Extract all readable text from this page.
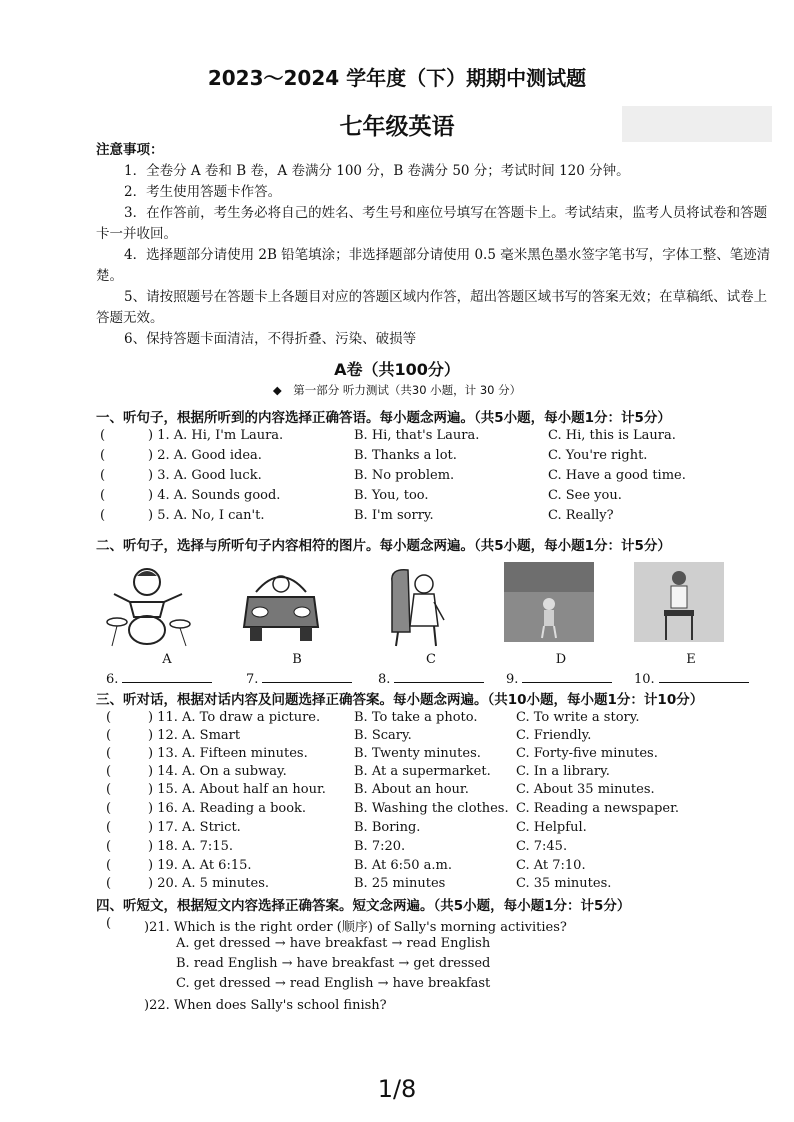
2023～2024 学年度（下）期期中测试题
七年级英语
注意事项：
1．全卷分 A 卷和 B 卷，A 卷满分 100 分，B 卷满分 50 分；考试时间 120 分钟。
2．考生使用答题卡作答。
3．在作答前，考生务必将自己的姓名、考生号和座位号填写在答题卡上。考试结束，监考人员将试卷和答题卡一并收回。
4．选择题部分请使用 2B 铅笔填涂；非选择题部分请使用 0.5 毫米黑色墨水签字笔书写，字体工整、笔迹清楚。
5、请按照题号在答题卡上各题目对应的答题区域内作答，超出答题区域书写的答案无效；在草稿纸、试卷上答题无效。
6、保持答题卡面清洁，不得折叠、污染、破损等
A卷（共100分）
◆　第一部分 听力测试（共30 小题，计 30 分）
一、听句子，根据所听到的内容选择正确答语。每小题念两遍。（共5小题，每小题1分：计5分）
(	) 1. A. Hi, I'm Laura.	B. Hi, that's Laura.	C. Hi, this is Laura.
(	) 2. A. Good idea.	B. Thanks a lot.	C. You're right.
(	) 3. A. Good luck.	B. No problem.	C. Have a good time.
(	) 4. A. Sounds good.	B. You, too.	C. See you.
(	) 5. A. No, I can't.	B. I'm sorry.	C. Really?
二、听句子，选择与所听句子内容相符的图片。每小题念两遍。（共5小题，每小题1分：计5分）
A	B	C	D	E
6.	7.	8.	9.	10.
三、听对话，根据对话内容及问题选择正确答案。每小题念两遍。（共10小题，每小题1分：计10分）
(	) 11. A. To draw a picture.	B. To take a photo.	C. To write a story.
(	) 12. A. Smart	B. Scary.	C. Friendly.
(	) 13. A. Fifteen minutes.	B. Twenty minutes.	C. Forty-five minutes.
(	) 14. A. On a subway.	B. At a supermarket. C. In a library.
(	) 15. A. About half an hour. B. About an hour.	C. About 35 minutes.
(	) 16. A. Reading a book.	B. Washing the clothes. C. Reading a newspaper.
(	) 17. A. Strict.	B. Boring.	C. Helpful.
(	) 18. A. 7:15.	B. 7:20.	C. 7:45.
(	) 19. A. At 6:15.	B. At 6:50 a.m.	C. At 7:10.
(	) 20. A. 5 minutes.	B. 25 minutes	C. 35 minutes.
四、听短文，根据短文内容选择正确答案。短文念两遍。（共5小题，每小题1分：计5分）
(	)21. Which is the right order (顺序) of Sally's morning activities?
A. get dressed → have breakfast → read English
B. read English → have breakfast → get dressed
C. get dressed → read English → have breakfast
)22. When does Sally's school finish?
1/8
